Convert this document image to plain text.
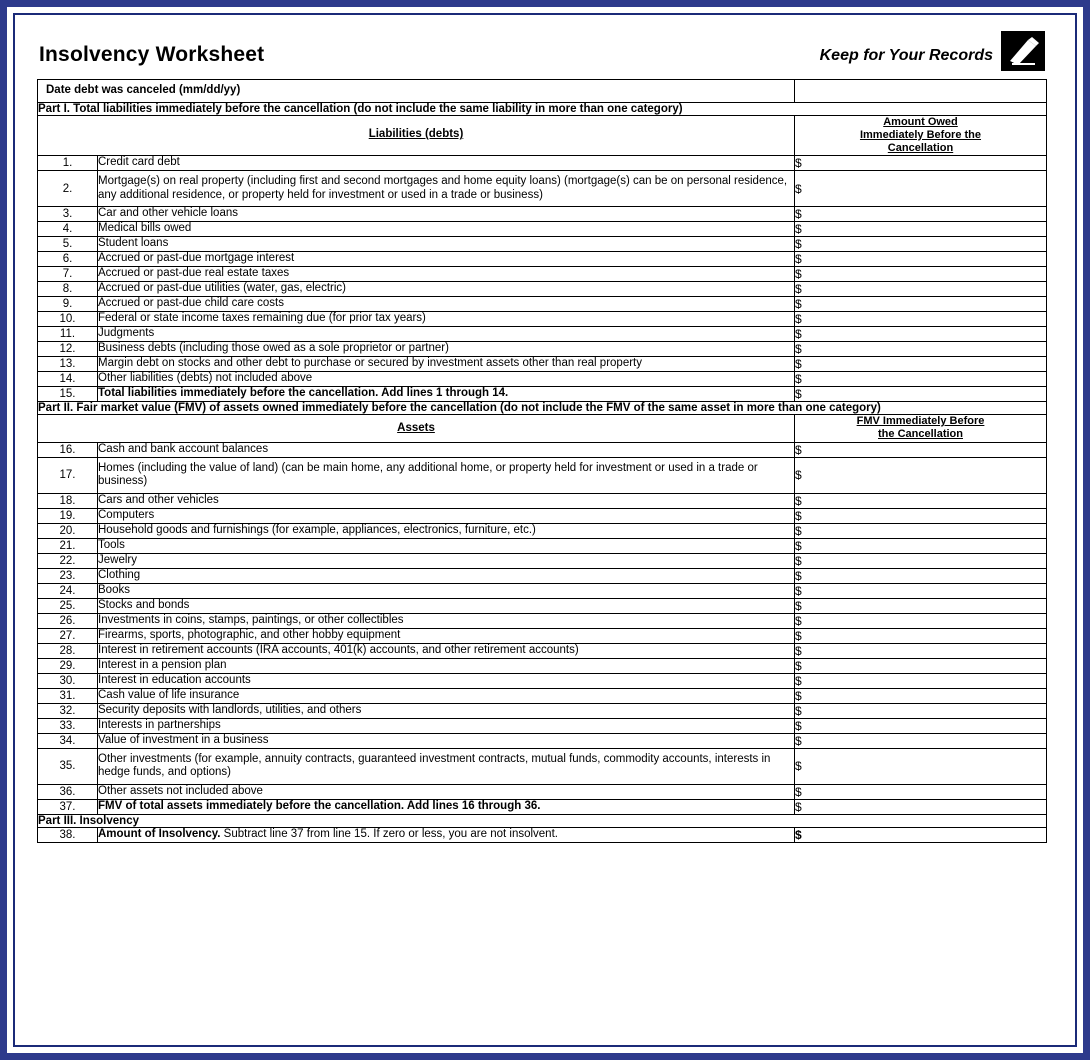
Insolvency Worksheet	Keep for Your Records
Date debt was canceled (mm/dd/yy)		
Part I. Total liabilities immediately before the cancellation (do not include the same liability in more than one category)		
Liabilities (debts)		Amount Owed
Immediately Before the
Cancellation
1.	Credit card debt	$
2.	Mortgage(s) on real property (including first and second mortgages and home equity loans) (mortgage(s) can be on personal residence, any additional residence, or property held for investment or used in a trade or business)	$
3.	Car and other vehicle loans	$
4.	Medical bills owed	$
5.	Student loans	$
6.	Accrued or past-due mortgage interest	$
7.	Accrued or past-due real estate taxes	$
8.	Accrued or past-due utilities (water, gas, electric)	$
9.	Accrued or past-due child care costs	$
10.	Federal or state income taxes remaining due (for prior tax years)	$
11.	Judgments	$
12.	Business debts (including those owed as a sole proprietor or partner)	$
13.	Margin debt on stocks and other debt to purchase or secured by investment assets other than real property	$
14.	Other liabilities (debts) not included above	$
15.	Total liabilities immediately before the cancellation. Add lines 1 through 14.	$
Part II. Fair market value (FMV) of assets owned immediately before the cancellation (do not include the FMV of the same asset in more than one category)		
Assets		FMV Immediately Before
the Cancellation
16.	Cash and bank account balances	$
17.	Homes (including the value of land) (can be main home, any additional home, or property held for investment or used in a trade or business)	$
18.	Cars and other vehicles	$
19.	Computers	$
20.	Household goods and furnishings (for example, appliances, electronics, furniture, etc.)	$
21.	Tools	$
22.	Jewelry	$
23.	Clothing	$
24.	Books	$
25.	Stocks and bonds	$
26.	Investments in coins, stamps, paintings, or other collectibles	$
27.	Firearms, sports, photographic, and other hobby equipment	$
28.	Interest in retirement accounts (IRA accounts, 401(k) accounts, and other retirement accounts)	$
29.	Interest in a pension plan	$
30.	Interest in education accounts	$
31.	Cash value of life insurance	$
32.	Security deposits with landlords, utilities, and others	$
33.	Interests in partnerships	$
34.	Value of investment in a business	$
35.	Other investments (for example, annuity contracts, guaranteed investment contracts, mutual funds, commodity accounts, interests in hedge funds, and options)	$
36.	Other assets not included above	$
37.	FMV of total assets immediately before the cancellation. Add lines 16 through 36.	$
Part III. Insolvency		
38.	Amount of Insolvency. Subtract line 37 from line 15. If zero or less, you are not insolvent.	$
